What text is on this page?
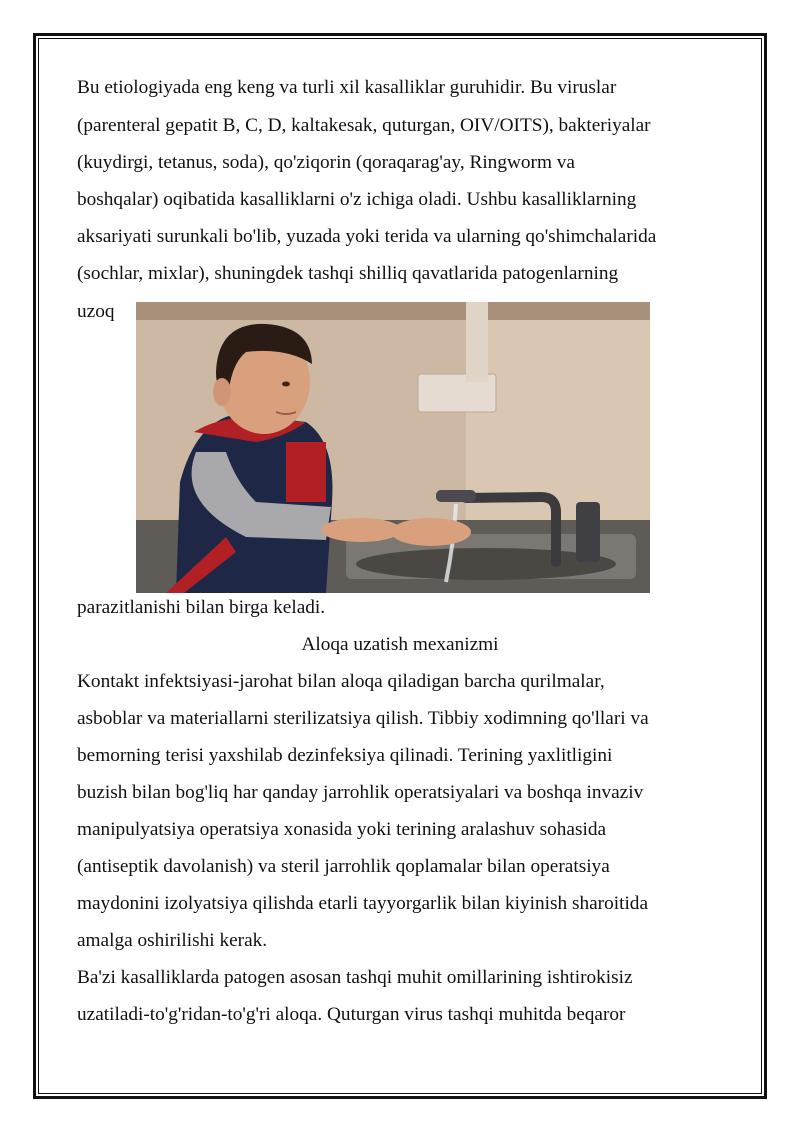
Bu etiologiyada eng keng va turli xil kasalliklar guruhidir. Bu viruslar
(parenteral gepatit B, C, D, kaltakesak, quturgan, OIV/OITS), bakteriyalar
(kuydirgi, tetanus, soda), qo'ziqorin (qoraqarag'ay, Ringworm va
boshqalar) oqibatida kasalliklarni o'z ichiga oladi. Ushbu kasalliklarning
aksariyati surunkali bo'lib, yuzada yoki terida va ularning qo'shimchalarida
(sochlar, mixlar), shuningdek tashqi shilliq qavatlarida patogenlarning
uzoq
parazitlanishi bilan birga keladi.
Aloqa uzatish mexanizmi
Kontakt infektsiyasi-jarohat bilan aloqa qiladigan barcha qurilmalar,
asboblar va materiallarni sterilizatsiya qilish. Tibbiy xodimning qo'llari va
bemorning terisi yaxshilab dezinfeksiya qilinadi. Terining yaxlitligini
buzish bilan bog'liq har qanday jarrohlik operatsiyalari va boshqa invaziv
manipulyatsiya operatsiya xonasida yoki terining aralashuv sohasida
(antiseptik davolanish) va steril jarrohlik qoplamalar bilan operatsiya
maydonini izolyatsiya qilishda etarli tayyorgarlik bilan kiyinish sharoitida
amalga oshirilishi kerak.
Ba'zi kasalliklarda patogen asosan tashqi muhit omillarining ishtirokisiz
uzatiladi-to'g'ridan-to'g'ri aloqa. Quturgan virus tashqi muhitda beqaror
